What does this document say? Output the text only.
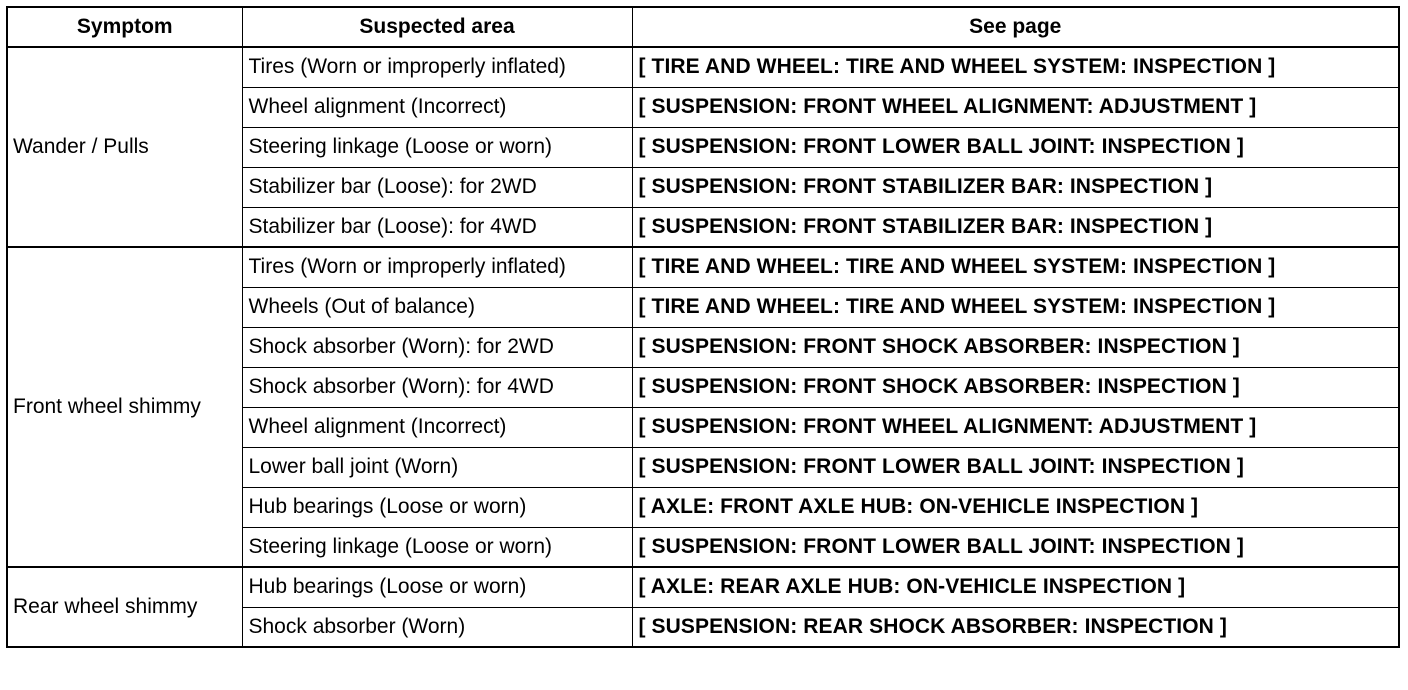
Symptom	Suspected area	See page
Wander / Pulls	Tires (Worn or improperly inflated)	[ TIRE AND WHEEL: TIRE AND WHEEL SYSTEM: INSPECTION ]
	Wheel alignment (Incorrect)	[ SUSPENSION: FRONT WHEEL ALIGNMENT: ADJUSTMENT ]
	Steering linkage (Loose or worn)	[ SUSPENSION: FRONT LOWER BALL JOINT: INSPECTION ]
	Stabilizer bar (Loose): for 2WD	[ SUSPENSION: FRONT STABILIZER BAR: INSPECTION ]
	Stabilizer bar (Loose): for 4WD	[ SUSPENSION: FRONT STABILIZER BAR: INSPECTION ]
Front wheel shimmy	Tires (Worn or improperly inflated)	[ TIRE AND WHEEL: TIRE AND WHEEL SYSTEM: INSPECTION ]
	Wheels (Out of balance)	[ TIRE AND WHEEL: TIRE AND WHEEL SYSTEM: INSPECTION ]
	Shock absorber (Worn): for 2WD	[ SUSPENSION: FRONT SHOCK ABSORBER: INSPECTION ]
	Shock absorber (Worn): for 4WD	[ SUSPENSION: FRONT SHOCK ABSORBER: INSPECTION ]
	Wheel alignment (Incorrect)	[ SUSPENSION: FRONT WHEEL ALIGNMENT: ADJUSTMENT ]
	Lower ball joint (Worn)	[ SUSPENSION: FRONT LOWER BALL JOINT: INSPECTION ]
	Hub bearings (Loose or worn)	[ AXLE: FRONT AXLE HUB: ON-VEHICLE INSPECTION ]
	Steering linkage (Loose or worn)	[ SUSPENSION: FRONT LOWER BALL JOINT: INSPECTION ]
Rear wheel shimmy	Hub bearings (Loose or worn)	[ AXLE: REAR AXLE HUB: ON-VEHICLE INSPECTION ]
	Shock absorber (Worn)	[ SUSPENSION: REAR SHOCK ABSORBER: INSPECTION ]
